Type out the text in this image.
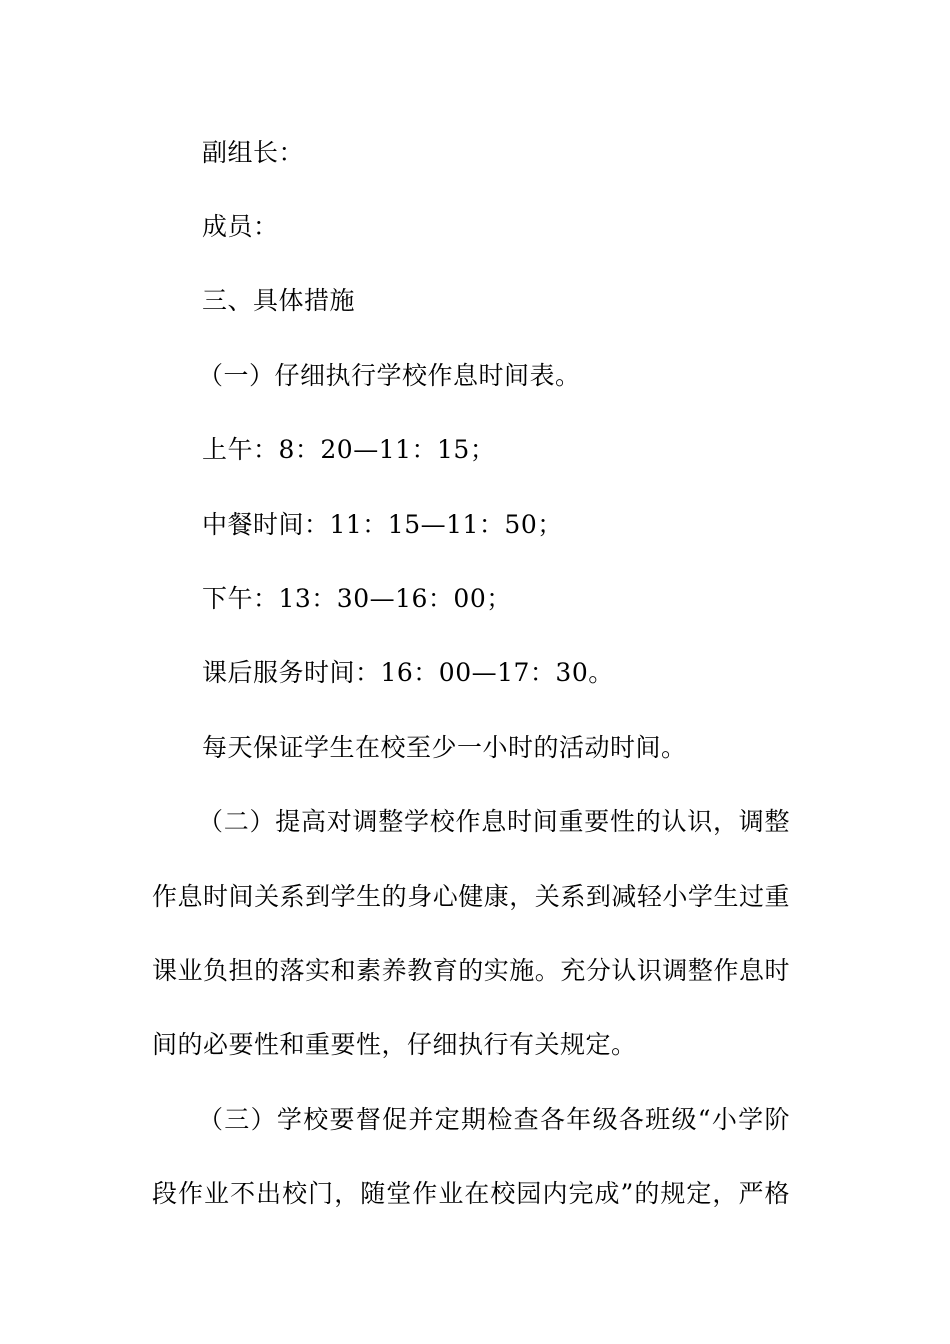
副组长：
成员：
三、具体措施
（一）仔细执行学校作息时间表。
上午：8：20—11：15；
中餐时间：11：15—11：50；
下午：13：30—16：00；
课后服务时间：16：00—17：30。
每天保证学生在校至少一小时的活动时间。
（二）提高对调整学校作息时间重要性的认识，调整
作息时间关系到学生的身心健康，关系到减轻小学生过重
课业负担的落实和素养教育的实施。充分认识调整作息时
间的必要性和重要性，仔细执行有关规定。
（三）学校要督促并定期检查各年级各班级“小学阶
段作业不出校门，随堂作业在校园内完成”的规定，严格
